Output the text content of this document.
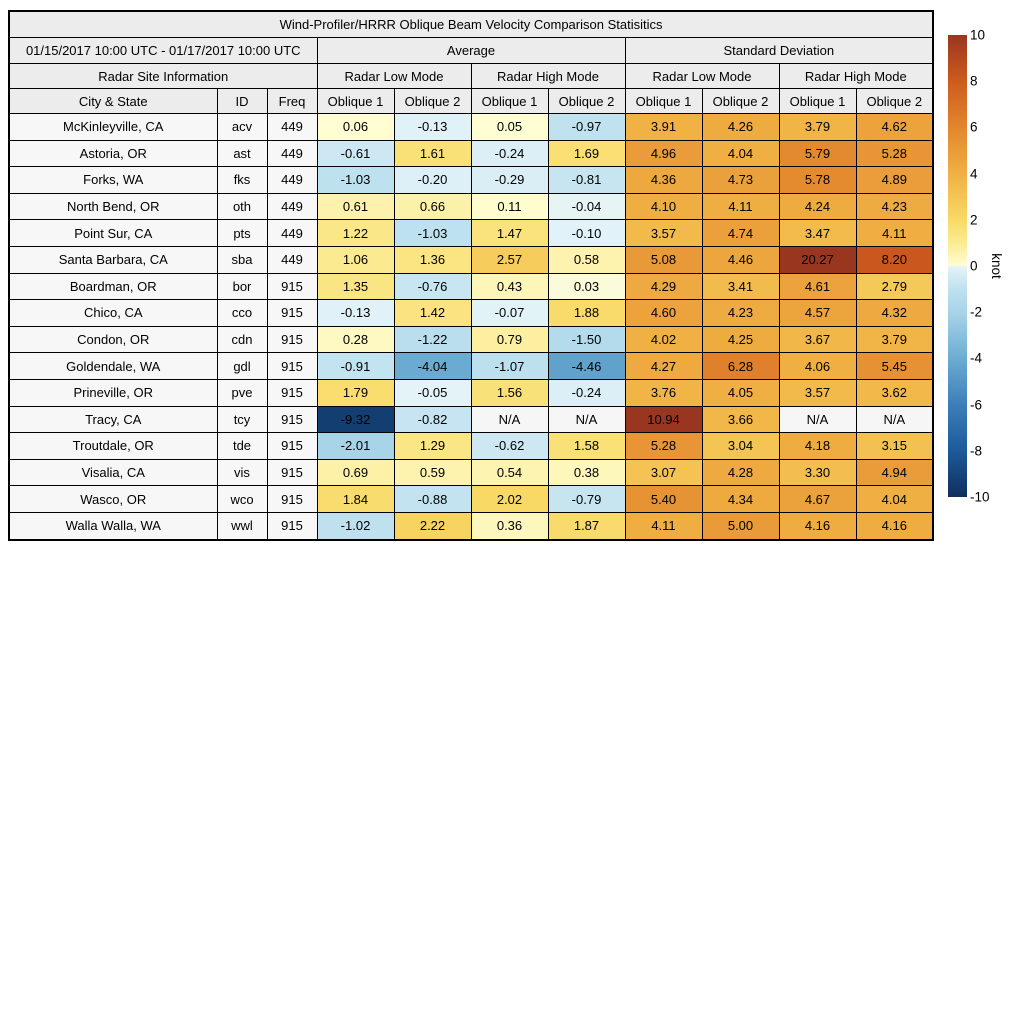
Wind-Profiler/HRRR Oblique Beam Velocity Comparison Statisitics										
01/15/2017 10:00 UTC - 01/17/2017 10:00 UTC			Average				Standard Deviation			
Radar Site Information			Radar Low Mode		Radar High Mode		Radar Low Mode		Radar High Mode	
City & State	ID	Freq	Oblique 1	Oblique 2	Oblique 1	Oblique 2	Oblique 1	Oblique 2	Oblique 1	Oblique 2
McKinleyville, CA	acv	449	0.06	-0.13	0.05	-0.97	3.91	4.26	3.79	4.62
Astoria, OR	ast	449	-0.61	1.61	-0.24	1.69	4.96	4.04	5.79	5.28
Forks, WA	fks	449	-1.03	-0.20	-0.29	-0.81	4.36	4.73	5.78	4.89
North Bend, OR	oth	449	0.61	0.66	0.11	-0.04	4.10	4.11	4.24	4.23
Point Sur, CA	pts	449	1.22	-1.03	1.47	-0.10	3.57	4.74	3.47	4.11
Santa Barbara, CA	sba	449	1.06	1.36	2.57	0.58	5.08	4.46	20.27	8.20
Boardman, OR	bor	915	1.35	-0.76	0.43	0.03	4.29	3.41	4.61	2.79
Chico, CA	cco	915	-0.13	1.42	-0.07	1.88	4.60	4.23	4.57	4.32
Condon, OR	cdn	915	0.28	-1.22	0.79	-1.50	4.02	4.25	3.67	3.79
Goldendale, WA	gdl	915	-0.91	-4.04	-1.07	-4.46	4.27	6.28	4.06	5.45
Prineville, OR	pve	915	1.79	-0.05	1.56	-0.24	3.76	4.05	3.57	3.62
Tracy, CA	tcy	915	-9.32	-0.82	N/A	N/A	10.94	3.66	N/A	N/A
Troutdale, OR	tde	915	-2.01	1.29	-0.62	1.58	5.28	3.04	4.18	3.15
Visalia, CA	vis	915	0.69	0.59	0.54	0.38	3.07	4.28	3.30	4.94
Wasco, OR	wco	915	1.84	-0.88	2.02	-0.79	5.40	4.34	4.67	4.04
Walla Walla, WA	wwl	915	-1.02	2.22	0.36	1.87	4.11	5.00	4.16	4.16
10
8
6
4
2
0
-2
-4
-6
-8
-10
knot
